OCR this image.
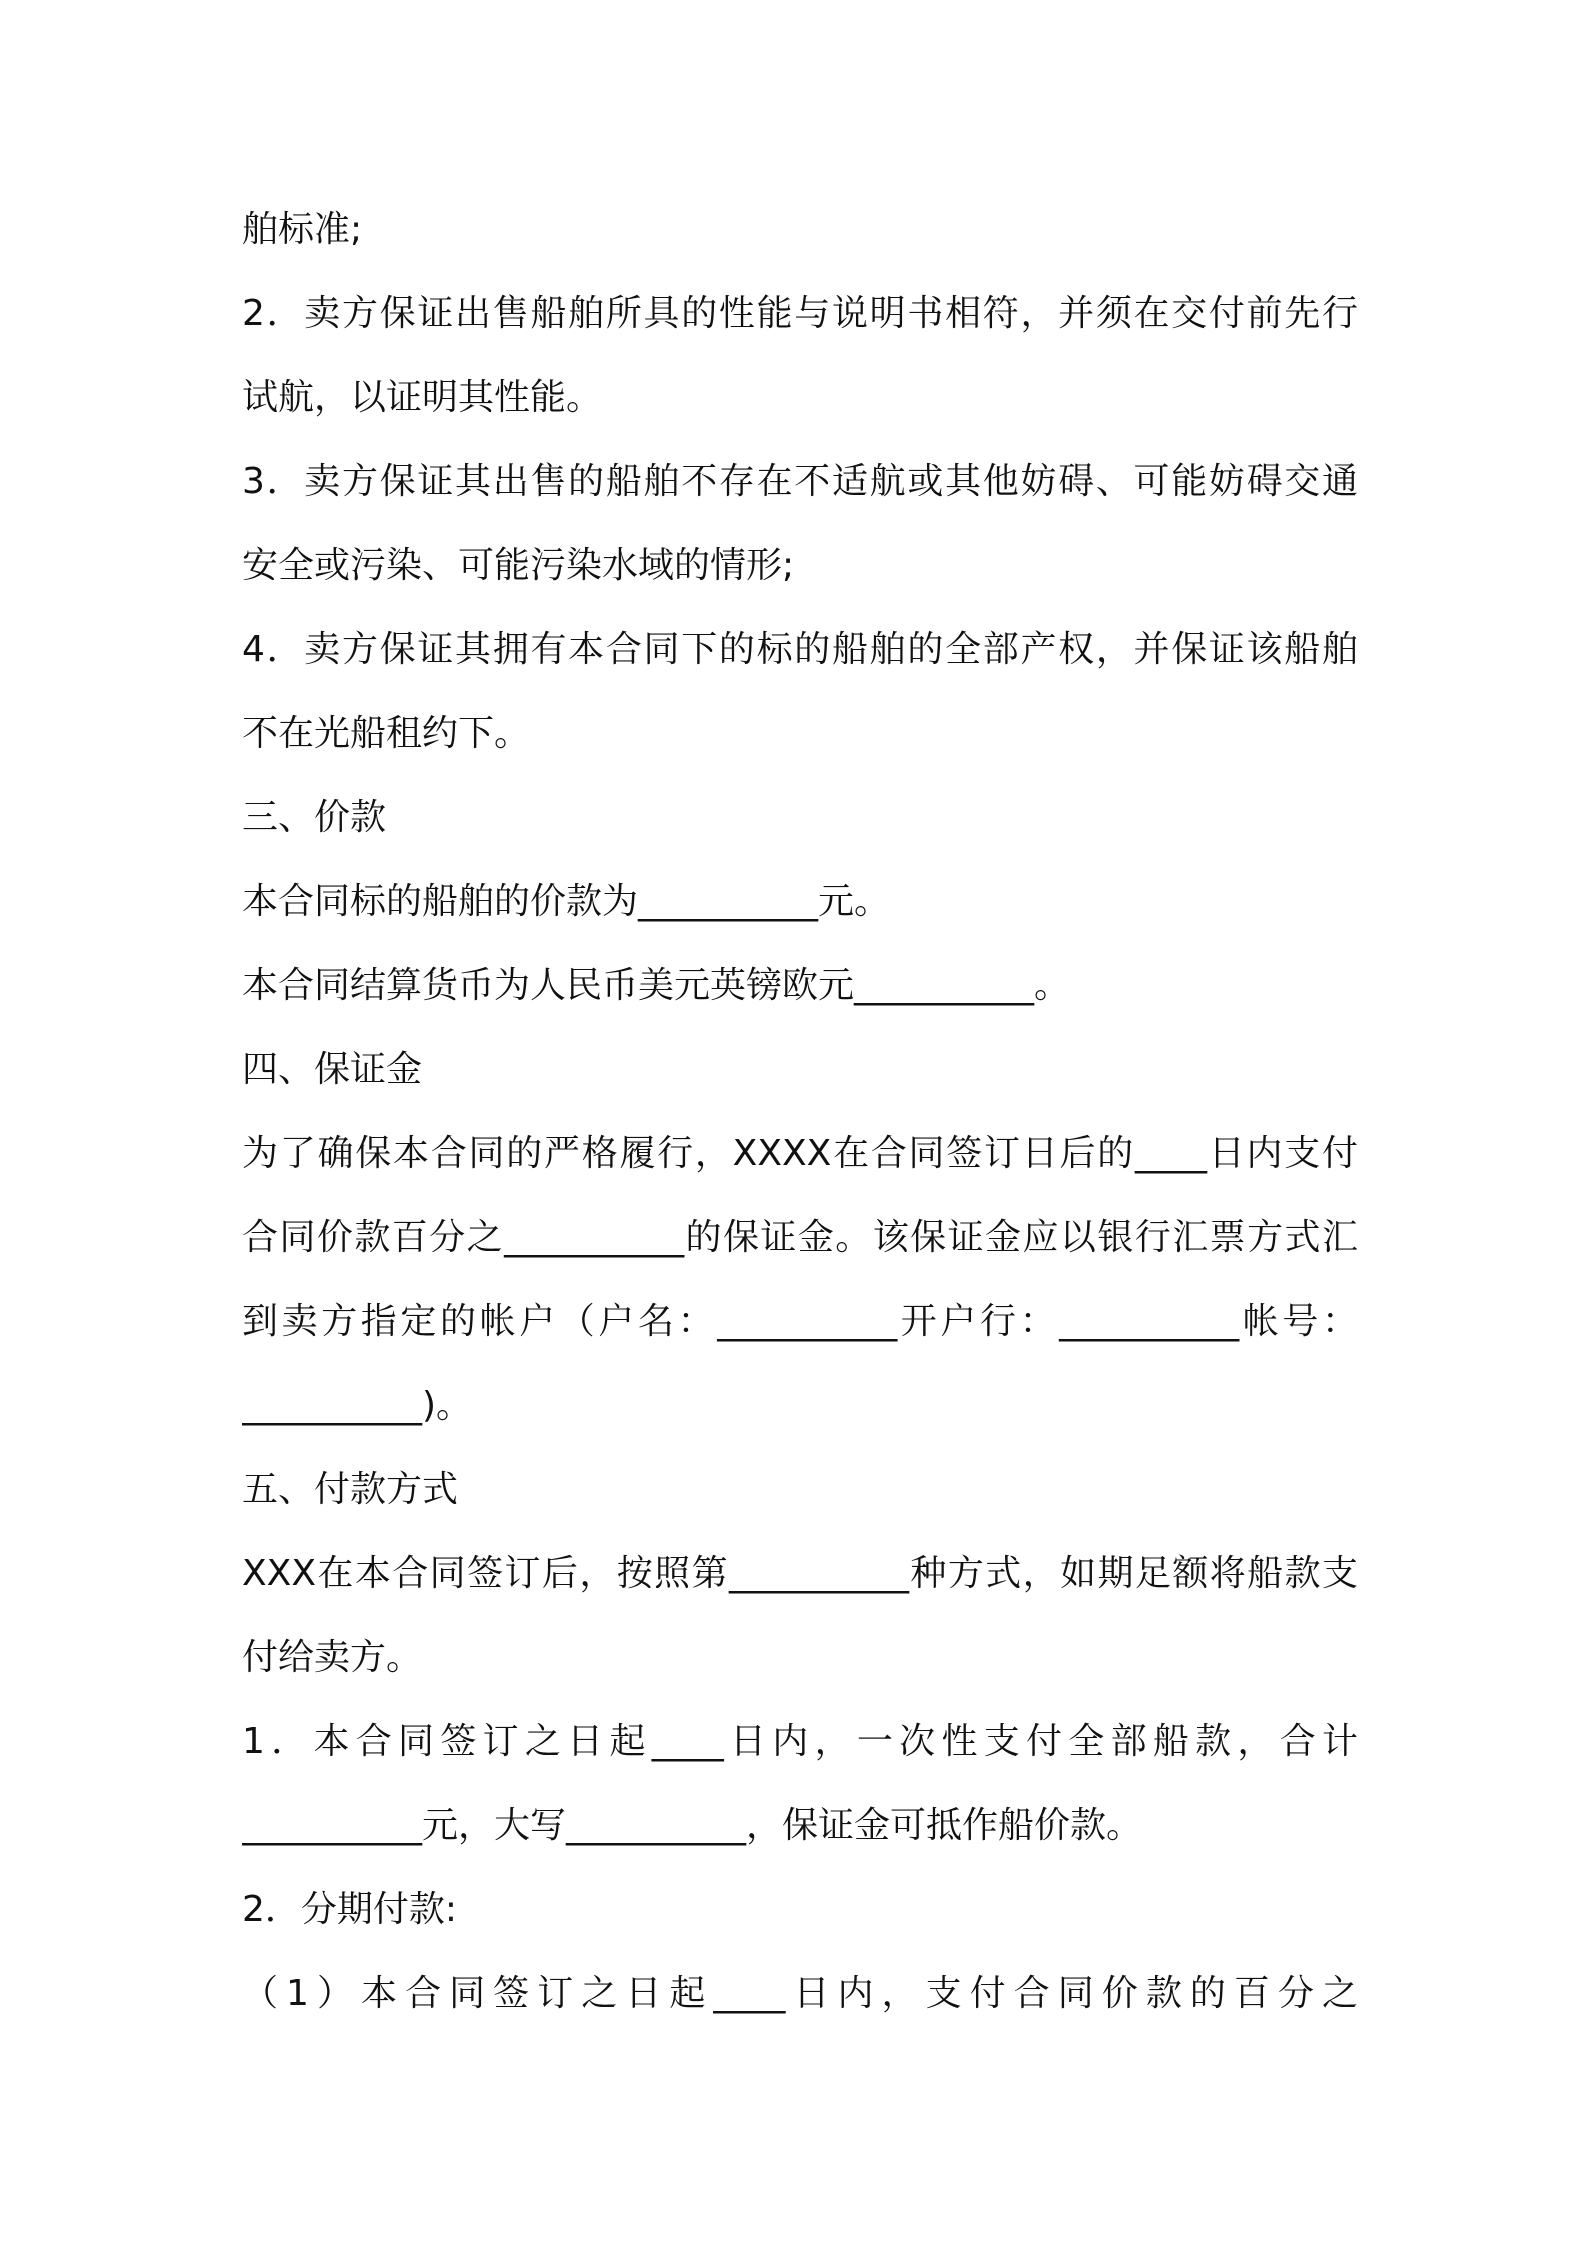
舶标准;
2．卖方保证出售船舶所具的性能与说明书相符，并须在交付前先行
试航，以证明其性能。
3．卖方保证其出售的船舶不存在不适航或其他妨碍、可能妨碍交通
安全或污染、可能污染水域的情形;
4．卖方保证其拥有本合同下的标的船舶的全部产权，并保证该船舶
不在光船租约下。
三、价款
本合同标的船舶的价款为__________元。
本合同结算货币为人民币美元英镑欧元__________。
四、保证金
为了确保本合同的严格履行，XXXX在合同签订日后的____日内支付
合同价款百分之__________的保证金。该保证金应以银行汇票方式汇
到卖方指定的帐户（户名：__________开户行：__________帐号：
__________)。
五、付款方式
XXX在本合同签订后，按照第__________种方式，如期足额将船款支
付给卖方。
1．本合同签订之日起____日内，一次性支付全部船款，合计
__________元，大写__________，保证金可抵作船价款。
2．分期付款:
（1）本合同签订之日起____日内，支付合同价款的百分之
